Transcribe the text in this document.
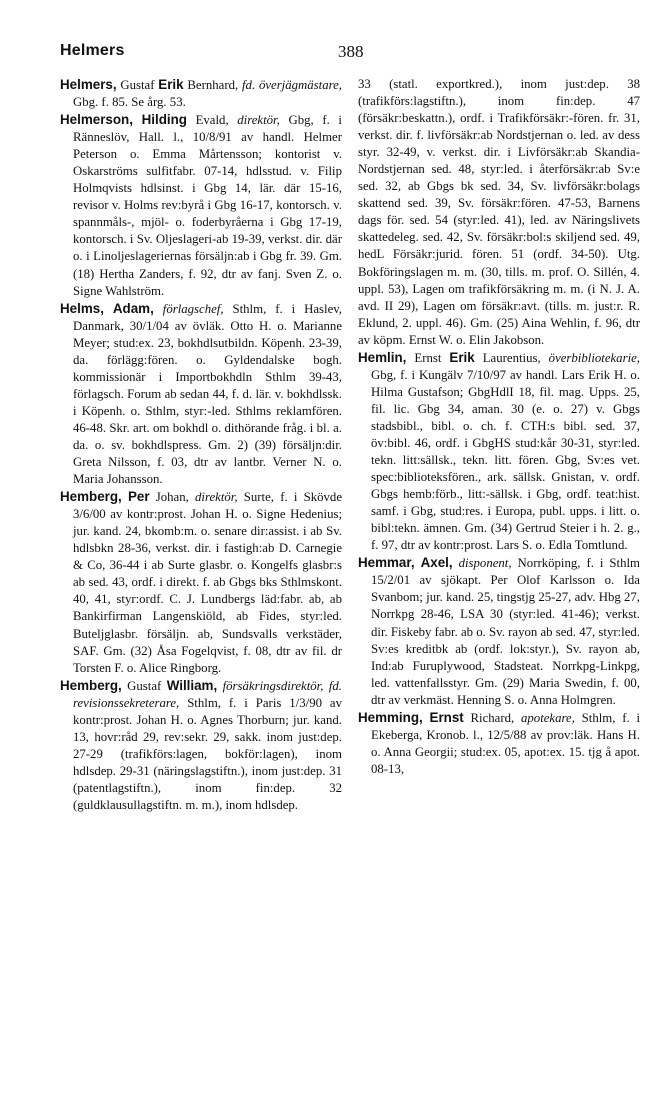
Helmers	388

Helmers, Gustaf Erik Bernhard, fd. överjägmästare, Gbg. f. 85. Se årg. 53.

Helmerson, Hilding Evald, direktör, Gbg, f. i Ränneslöv, Hall. l., 10/8/91 av handl. Helmer Peterson o. Emma Mårtensson; kontorist v. Oskarströms sulfitfabr. 07-14, hdlsstud. v. Filip Holmqvists hdlsinst. i Gbg 14, lär. där 15-16, revisor v. Holms rev:byrå i Gbg 16-17, kontorsch. v. spannmåls-, mjöl- o. foderbyråerna i Gbg 17-19, kontorsch. i Sv. Oljeslageri-ab 19-39, verkst. dir. där o. i Linoljeslageriernas försäljn:ab i Gbg fr. 39. Gm. (18) Hertha Zanders, f. 92, dtr av fanj. Sven Z. o. Signe Wahlström.

Helms, Adam, förlagschef, Sthlm, f. i Haslev, Danmark, 30/1/04 av övläk. Otto H. o. Marianne Meyer; stud:ex. 23, bokhdlsutbildn. Köpenh. 23-39, da. förlägg:fören. o. Gyldendalske bogh. kommissionär i Importbokhdln Sthlm 39-43, förlagsch. Forum ab sedan 44, f. d. lär. v. bokhdlssk. i Köpenh. o. Sthlm, styr:-led. Sthlms reklamfören. 46-48. Skr. art. om bokhdl o. dithörande fråg. i bl. a. da. o. sv. bokhdlspress. Gm. 2) (39) försäljn:dir. Greta Nilsson, f. 03, dtr av lantbr. Verner N. o. Maria Johansson.

Hemberg, Per Johan, direktör, Surte, f. i Skövde 3/6/00 av kontr:prost. Johan H. o. Signe Hedenius; jur. kand. 24, bkomb:m. o. senare dir:assist. i ab Sv. hdlsbkn 28-36, verkst. dir. i fastigh:ab D. Carnegie & Co, 36-44 i ab Surte glasbr. o. Kongelfs glasbr:s ab sed. 43, ordf. i direkt. f. ab Gbgs bks Sthlmskont. 40, 41, styr:ordf. C. J. Lundbergs läd:fabr. ab, ab Bankirfirman Langenskiöld, ab Fides, styr:led. Buteljglasbr. försäljn. ab, Sundsvalls verkstäder, SAF. Gm. (32) Åsa Fogelqvist, f. 08, dtr av fil. dr Torsten F. o. Alice Ringborg.

Hemberg, Gustaf William, försäkringsdirektör, fd. revisionssekreterare, Sthlm, f. i Paris 1/3/90 av kontr:prost. Johan H. o. Agnes Thorburn; jur. kand. 13, hovr:råd 29, rev:sekr. 29, sakk. inom just:dep. 27-29 (trafikförs:lagen, bokför:lagen), inom hdlsdep. 29-31 (näringslagstiftn.), inom just:dep. 31 (patentlagstiftn.), inom fin:dep. 32 (guldklausullagstiftn. m. m.), inom hdlsdep.

33 (statl. exportkred.), inom just:dep. 38 (trafikförs:lagstiftn.), inom fin:dep. 47 (försäkr:beskattn.), ordf. i Trafikförsäkr:-fören. fr. 31, verkst. dir. f. livförsäkr:ab Nordstjernan o. led. av dess styr. 32-49, v. verkst. dir. i Livförsäkr:ab Skandia-Nordstjernan sed. 48, styr:led. i återförsäkr:ab Sv:e sed. 32, ab Gbgs bk sed. 34, Sv. livförsäkr:bolags skattend sed. 39, Sv. försäkr:fören. 47-53, Barnens dags för. sed. 54 (styr:led. 41), led. av Näringslivets skattedeleg. sed. 42, Sv. försäkr:bol:s skiljend sed. 49, hedL Försäkr:jurid. fören. 51 (ordf. 34-50). Utg. Bokföringslagen m. m. (30, tills. m. prof. O. Sillén, 4. uppl. 53), Lagen om trafikförsäkring m. m. (i N. J. A. avd. II 29), Lagen om försäkr:avt. (tills. m. just:r. R. Eklund, 2. uppl. 46). Gm. (25) Aina Wehlin, f. 96, dtr av köpm. Ernst W. o. Elin Jakobson.

Hemlin, Ernst Erik Laurentius, överbibliotekarie, Gbg, f. i Kungälv 7/10/97 av handl. Lars Erik H. o. Hilma Gustafson; GbgHdlI 18, fil. mag. Upps. 25, fil. lic. Gbg 34, aman. 30 (e. o. 27) v. Gbgs stadsbibl., bibl. o. ch. f. CTH:s bibl. sed. 37, öv:bibl. 46, ordf. i GbgHS stud:kår 30-31, styr:led. tekn. litt:sällsk., tekn. litt. fören. Gbg, Sv:es vet. spec:biblioteksfören., ark. sällsk. Gnistan, v. ordf. Gbgs hemb:förb., litt:-sällsk. i Gbg, ordf. teat:hist. samf. i Gbg, stud:res. i Europa, publ. upps. i litt. o. bibl:tekn. ämnen. Gm. (34) Gertrud Steier i h. 2. g., f. 97, dtr av kontr:prost. Lars S. o. Edla Tomtlund.

Hemmar, Axel, disponent, Norrköping, f. i Sthlm 15/2/01 av sjökapt. Per Olof Karlsson o. Ida Svanbom; jur. kand. 25, tingstjg 25-27, adv. Hbg 27, Norrkpg 28-46, LSA 30 (styr:led. 41-46); verkst. dir. Fiskeby fabr. ab o. Sv. rayon ab sed. 47, styr:led. Sv:es kreditbk ab (ordf. lok:styr.), Sv. rayon ab, Ind:ab Furuplywood, Stadsteat. Norrkpg-Linkpg, led. vattenfallsstyr. Gm. (29) Maria Swedin, f. 00, dtr av verkmäst. Henning S. o. Anna Holmgren.

Hemming, Ernst Richard, apotekare, Sthlm, f. i Ekeberga, Kronob. l., 12/5/88 av prov:läk. Hans H. o. Anna Georgii; stud:ex. 05, apot:ex. 15. tjg å apot. 08-13,
